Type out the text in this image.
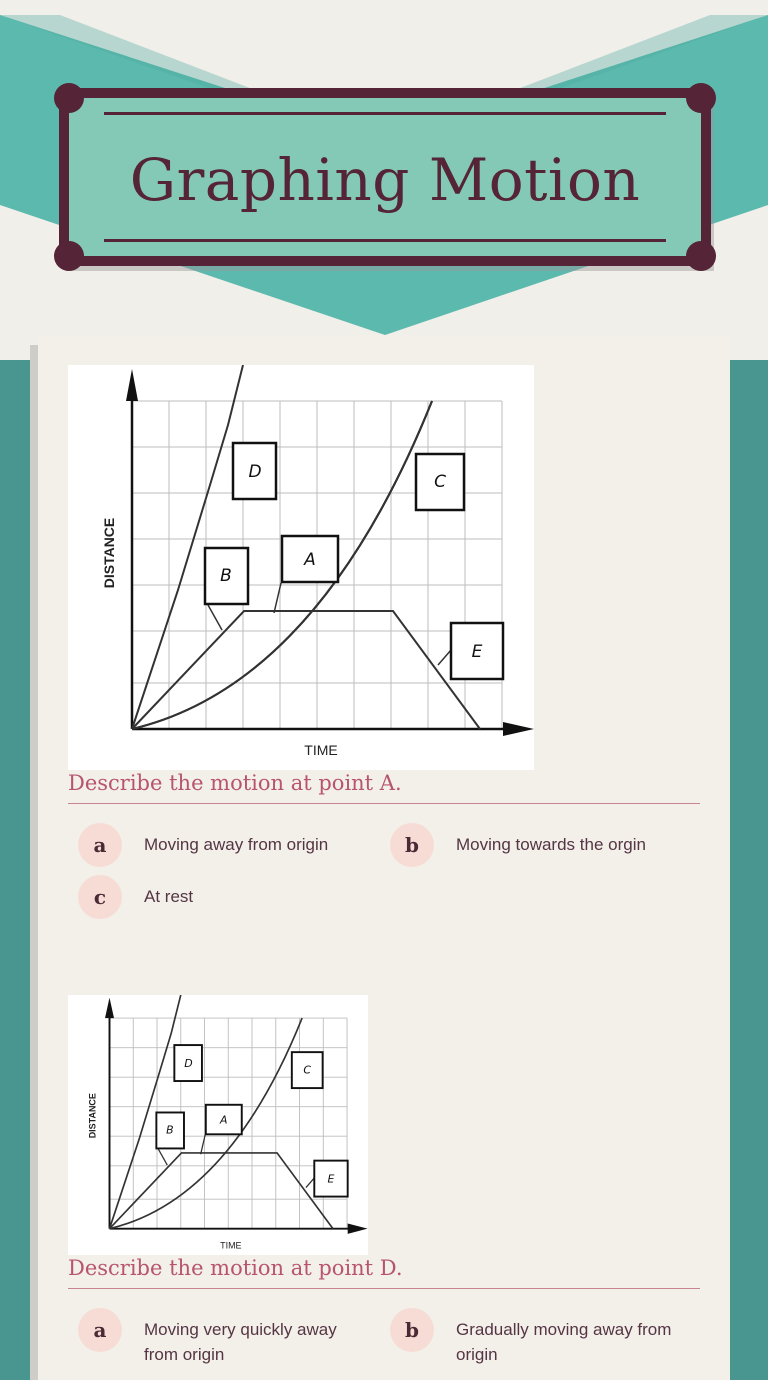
Graphing Motion
D
B
A
C
E
DISTANCE
TIME
Describe the motion at point A.
a	Moving away from origin	b	Moving towards the orgin
c	At rest
D
B
A
C
E
DISTANCE
TIME
Describe the motion at point D.
a	Moving very quickly away from origin
b	Gradually moving away from origin
